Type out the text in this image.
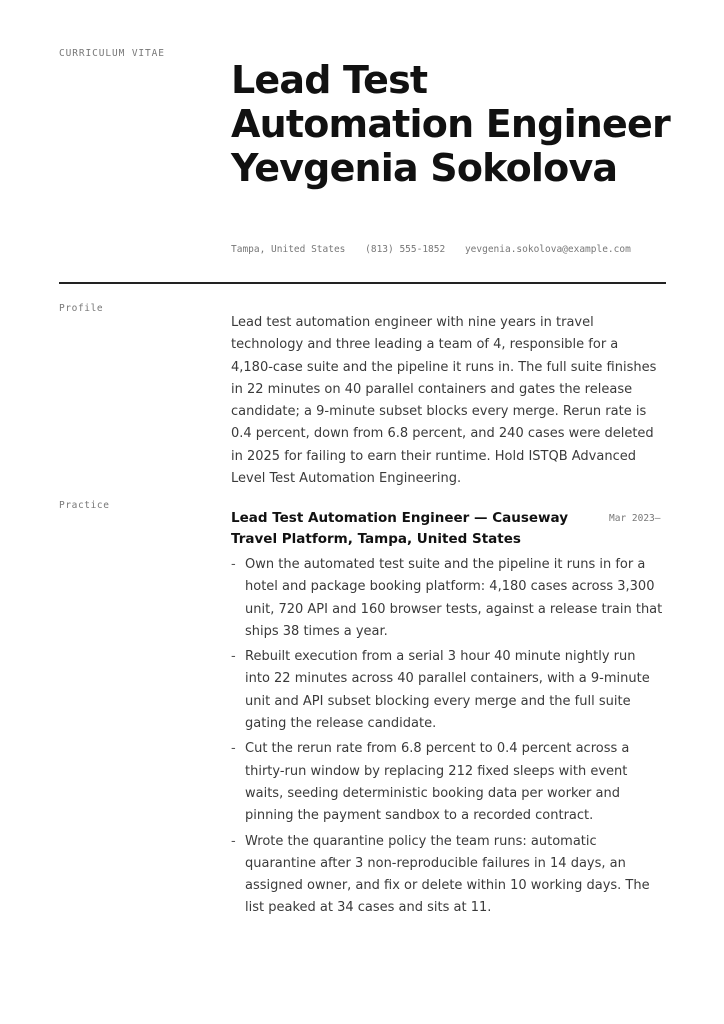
CURRICULUM VITAE
Lead Test Automation Engineer Yevgenia Sokolova
Tampa, United States (813) 555-1852 yevgenia.sokolova@example.com
Profile

Lead test automation engineer with nine years in travel technology and three leading a team of 4, responsible for a 4,180-case suite and the pipeline it runs in. The full suite finishes in 22 minutes on 40 parallel containers and gates the release candidate; a 9-minute subset blocks every merge. Rerun rate is 0.4 percent, down from 6.8 percent, and 240 cases were deleted in 2025 for failing to earn their runtime. Hold ISTQB Advanced Level Test Automation Engineering.

Practice
Lead Test Automation Engineer — Causeway Travel Platform, Tampa, United States
Mar 2023–
- Own the automated test suite and the pipeline it runs in for a hotel and package booking platform: 4,180 cases across 3,300 unit, 720 API and 160 browser tests, against a release train that ships 38 times a year.
- Rebuilt execution from a serial 3 hour 40 minute nightly run into 22 minutes across 40 parallel containers, with a 9-minute unit and API subset blocking every merge and the full suite gating the release candidate.
- Cut the rerun rate from 6.8 percent to 0.4 percent across a thirty-run window by replacing 212 fixed sleeps with event waits, seeding deterministic booking data per worker and pinning the payment sandbox to a recorded contract.
- Wrote the quarantine policy the team runs: automatic quarantine after 3 non-reproducible failures in 14 days, an assigned owner, and fix or delete within 10 working days. The list peaked at 34 cases and sits at 11.
